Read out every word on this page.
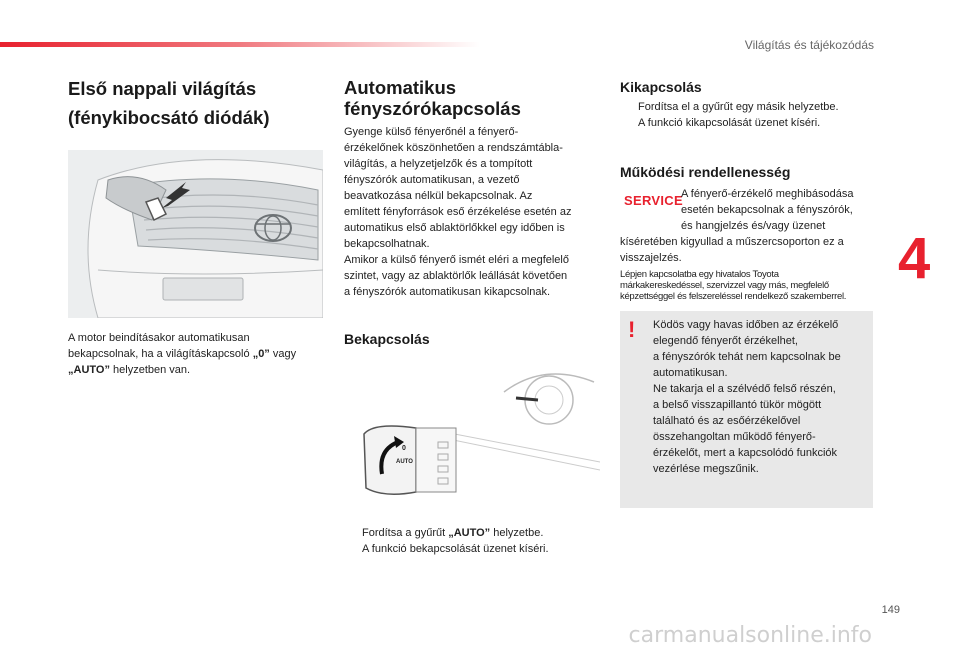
Világítás és tájékozódás
Első nappali világítás
(fénykibocsátó diódák)
A motor beindításakor automatikusan
bekapcsolnak, ha a világításkapcsoló „0” vagy
„AUTO” helyzetben van.
Automatikus
fényszórókapcsolás
Gyenge külső fényerőnél a fényerő-
érzékelőnek köszönhetően a rendszámtábla-
világítás, a helyzetjelzők és a tompított
fényszórók automatikusan, a vezető
beavatkozása nélkül bekapcsolnak. Az
említett fényforrások eső érzékelése esetén az
automatikus első ablaktörlőkkel egy időben is
bekapcsolhatnak.
Amikor a külső fényerő ismét eléri a megfelelő
szintet, vagy az ablaktörlők leállását követően
a fényszórók automatikusan kikapcsolnak.
Bekapcsolás
0
AUTO
Fordítsa a gyűrűt „AUTO” helyzetbe.
A funkció bekapcsolását üzenet kíséri.
Kikapcsolás
Fordítsa el a gyűrűt egy másik helyzetbe.
A funkció kikapcsolását üzenet kíséri.
Működési rendellenesség
SERVICE
A fényerő-érzékelő meghibásodása
esetén bekapcsolnak a fényszórók,
és hangjelzés és/vagy üzenet
kíséretében kigyullad a műszercsoporton ez a
visszajelzés.
Lépjen kapcsolatba egy hivatalos Toyota
márkakereskedéssel, szervizzel vagy más, megfelelő
képzettséggel és felszereléssel rendelkező szakemberrel.
! Ködös vagy havas időben az érzékelő
elegendő fényerőt érzékelhet,
a fényszórók tehát nem kapcsolnak be
automatikusan.
Ne takarja el a szélvédő felső részén,
a belső visszapillantó tükör mögött
található és az esőérzékelővel
összehangoltan működő fényerő-
érzékelőt, mert a kapcsolódó funkciók
vezérlése megszűnik.
4
149
carmanualsonline.info
